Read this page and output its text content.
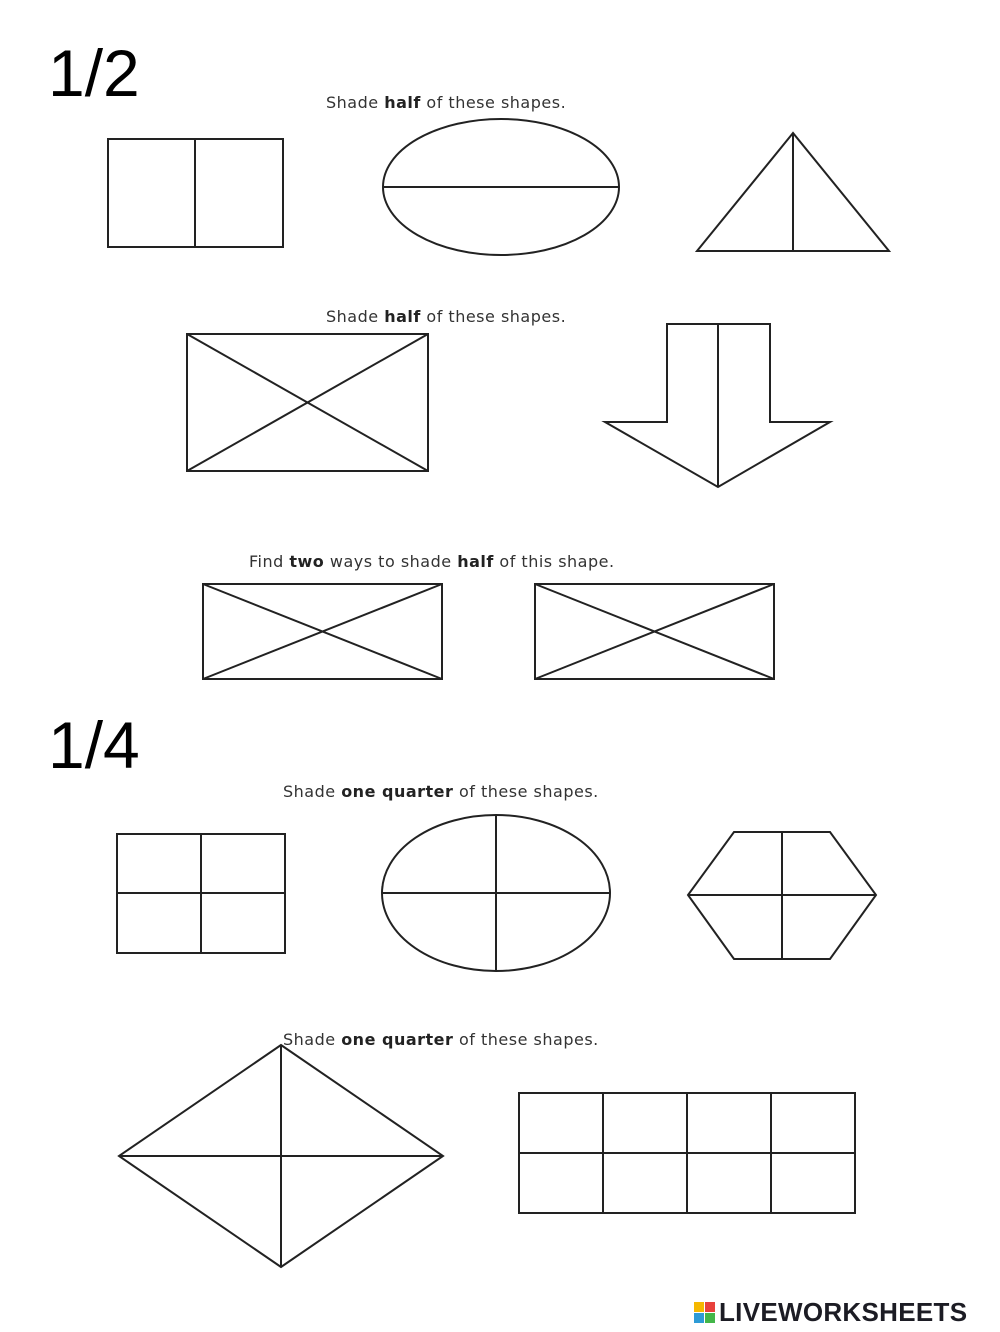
1/2

	Shade half of these shapes.

Shade half of these shapes.

Find two ways to shade half of this shape.

1/4

Shade one quarter of these shapes.

Shade one quarter of these shapes.

LIVEWORKSHEETS
